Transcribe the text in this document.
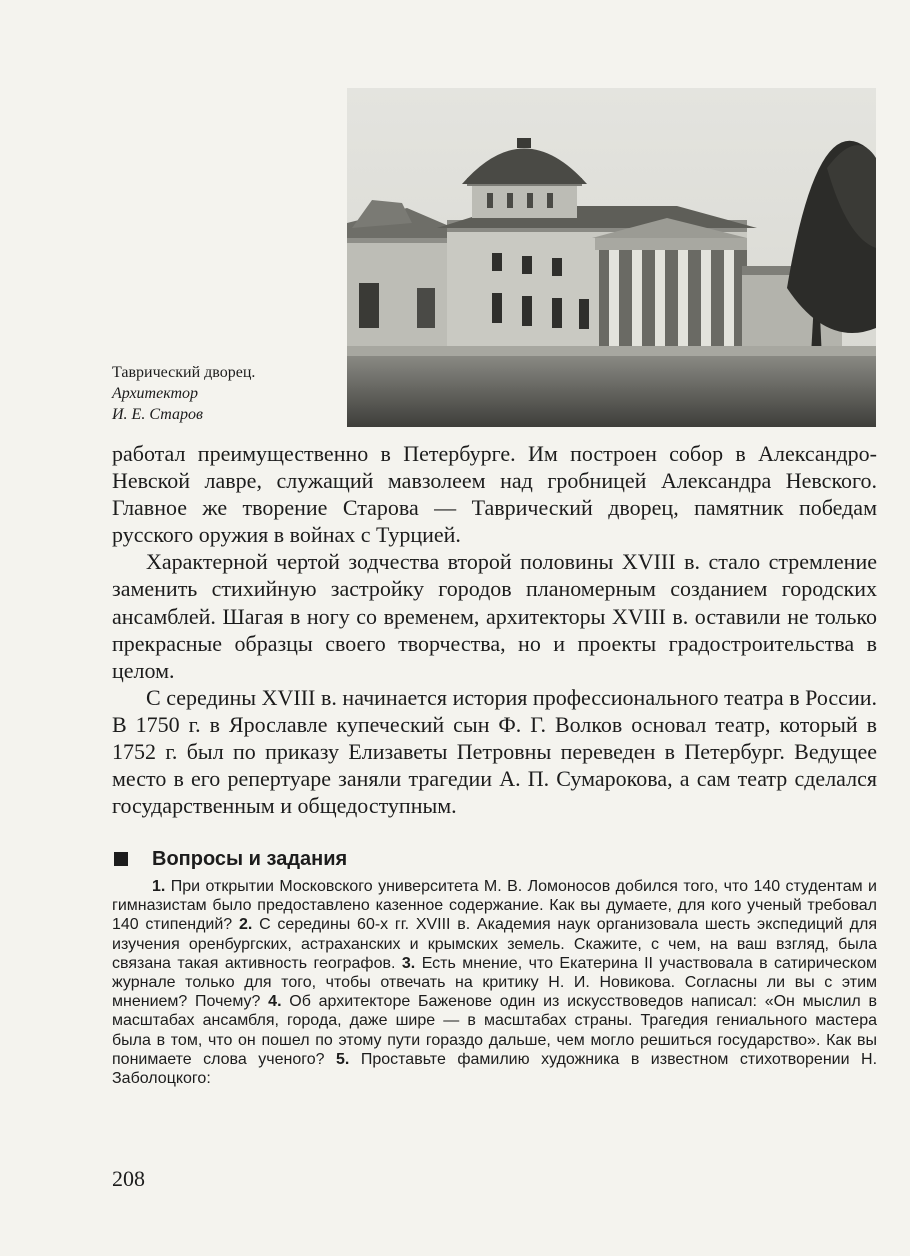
Таврический дворец.
Архитектор
И. Е. Старов

работал преимущественно в Петербурге. Им построен собор в Александро-Невской лавре, служащий мавзолеем над гробницей Александра Невского. Главное же творение Старова — Таврический дворец, памятник победам русского оружия в войнах с Турцией.

Характерной чертой зодчества второй половины XVIII в. стало стремление заменить стихийную застройку городов планомерным созданием городских ансамблей. Шагая в ногу со временем, архитекторы XVIII в. оставили не только прекрасные образцы своего творчества, но и проекты градостроительства в целом.

С середины XVIII в. начинается история профессионального театра в России. В 1750 г. в Ярославле купеческий сын Ф. Г. Волков основал театр, который в 1752 г. был по приказу Елизаветы Петровны переведен в Петербург. Ведущее место в его репертуаре заняли трагедии А. П. Сумарокова, а сам театр сделался государственным и общедоступным.

Вопросы и задания

1. При открытии Московского университета М. В. Ломоносов добился того, что 140 студентам и гимназистам было предоставлено казенное содержание. Как вы думаете, для кого ученый требовал 140 стипендий? 2. С середины 60-х гг. XVIII в. Академия наук организовала шесть экспедиций для изучения оренбургских, астраханских и крымских земель. Скажите, с чем, на ваш взгляд, была связана такая активность географов. 3. Есть мнение, что Екатерина II участвовала в сатирическом журнале только для того, чтобы отвечать на критику Н. И. Новикова. Согласны ли вы с этим мнением? Почему? 4. Об архитекторе Баженове один из искусствоведов написал: «Он мыслил в масштабах ансамбля, города, даже шире — в масштабах страны. Трагедия гениального мастера была в том, что он пошел по этому пути гораздо дальше, чем могло решиться государство». Как вы понимаете слова ученого? 5. Проставьте фамилию художника в известном стихотворении Н. Заболоцкого:

208
